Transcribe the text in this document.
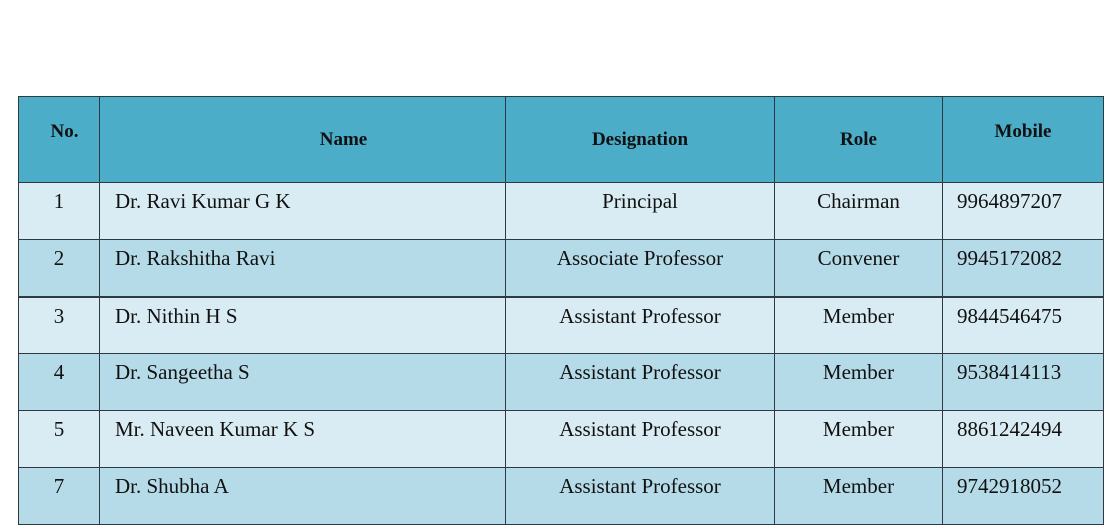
No.	Name	Designation	Role	Mobile
1	Dr. Ravi Kumar G K	Principal	Chairman	9964897207
2	Dr. Rakshitha Ravi	Associate Professor	Convener	9945172082
3	Dr. Nithin H S	Assistant Professor	Member	9844546475
4	Dr. Sangeetha S	Assistant Professor	Member	9538414113
5	Mr. Naveen Kumar K S	Assistant Professor	Member	8861242494
7	Dr. Shubha A	Assistant Professor	Member	9742918052
